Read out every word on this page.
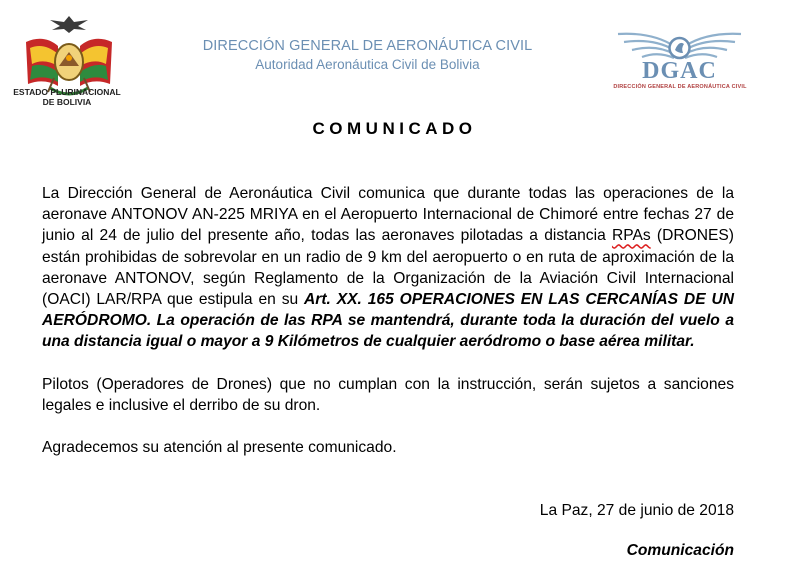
ESTADO PLURINACIONAL
DE BOLIVIA
DIRECCIÓN GENERAL DE AERONÁUTICA CIVIL
Autoridad Aeronáutica Civil de Bolivia	DGAC
DIRECCIÓN GENERAL DE AERONÁUTICA CIVIL
COMUNICADO

La Dirección General de Aeronáutica Civil comunica que durante todas las operaciones de la aeronave ANTONOV AN-225 MRIYA en el Aeropuerto Internacional de Chimoré entre fechas 27 de junio al 24 de julio del presente año, todas las aeronaves pilotadas a distancia RPAs (DRONES) están prohibidas de sobrevolar en un radio de 9 km del aeropuerto o en ruta de aproximación de la aeronave ANTONOV, según Reglamento de la Organización de la Aviación Civil Internacional (OACI) LAR/RPA que estipula en su Art. XX. 165 OPERACIONES EN LAS CERCANÍAS DE UN AERÓDROMO. La operación de las RPA se mantendrá, durante toda la duración del vuelo a una distancia igual o mayor a 9 Kilómetros de cualquier aeródromo o base aérea militar.

Pilotos (Operadores de Drones) que no cumplan con la instrucción, serán sujetos a sanciones legales e inclusive el derribo de su dron.

Agradecemos su atención al presente comunicado.

La Paz, 27 de junio de 2018
Comunicación
